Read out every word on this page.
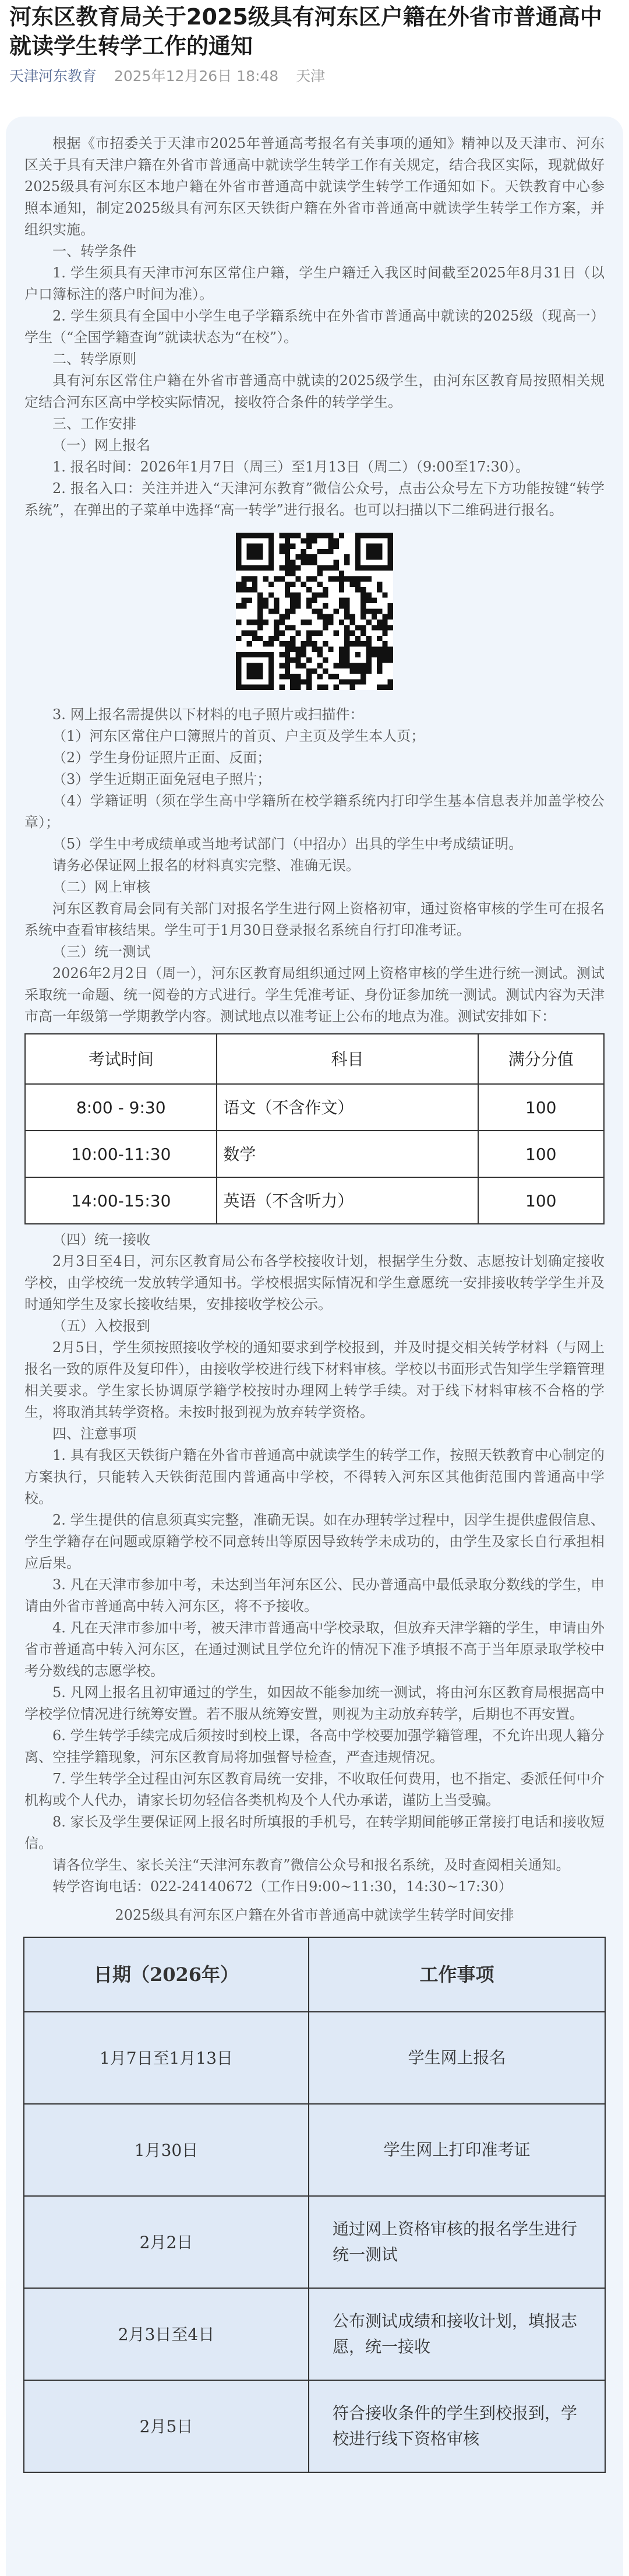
河东区教育局关于2025级具有河东区户籍在外省市普通高中就读学生转学工作的通知
天津河东教育 2025年12月26日 18:48 天津

根据《市招委关于天津市2025年普通高考报名有关事项的通知》精神以及天津市、河东区关于具有天津户籍在外省市普通高中就读学生转学工作有关规定，结合我区实际，现就做好2025级具有河东区本地户籍在外省市普通高中就读学生转学工作通知如下。天铁教育中心参照本通知，制定2025级具有河东区天铁街户籍在外省市普通高中就读学生转学工作方案，并组织实施。

一、转学条件

1. 学生须具有天津市河东区常住户籍，学生户籍迁入我区时间截至2025年8月31日（以户口簿标注的落户时间为准）。

2. 学生须具有全国中小学生电子学籍系统中在外省市普通高中就读的2025级（现高一）学生（“全国学籍查询”就读状态为“在校”）。

二、转学原则

具有河东区常住户籍在外省市普通高中就读的2025级学生，由河东区教育局按照相关规定结合河东区高中学校实际情况，接收符合条件的转学学生。

三、工作安排

（一）网上报名

1. 报名时间：2026年1月7日（周三）至1月13日（周二）（9:00至17:30）。

2. 报名入口：关注并进入“天津河东教育”微信公众号，点击公众号左下方功能按键“转学系统”，在弹出的子菜单中选择“高一转学”进行报名。也可以扫描以下二维码进行报名。

3. 网上报名需提供以下材料的电子照片或扫描件：

（1）河东区常住户口簿照片的首页、户主页及学生本人页；

（2）学生身份证照片正面、反面；

（3）学生近期正面免冠电子照片；

（4）学籍证明（须在学生高中学籍所在校学籍系统内打印学生基本信息表并加盖学校公章）；

（5）学生中考成绩单或当地考试部门（中招办）出具的学生中考成绩证明。

请务必保证网上报名的材料真实完整、准确无误。

（二）网上审核

河东区教育局会同有关部门对报名学生进行网上资格初审，通过资格审核的学生可在报名系统中查看审核结果。学生可于1月30日登录报名系统自行打印准考证。

（三）统一测试

2026年2月2日（周一），河东区教育局组织通过网上资格审核的学生进行统一测试。测试采取统一命题、统一阅卷的方式进行。学生凭准考证、身份证参加统一测试。测试内容为天津市高一年级第一学期教学内容。测试地点以准考证上公布的地点为准。测试安排如下：

考试时间	科目	满分分值
8:00 - 9:30	语文（不含作文）	100
10:00-11:30	数学	100
14:00-15:30	英语（不含听力）	100

（四）统一接收

2月3日至4日，河东区教育局公布各学校接收计划，根据学生分数、志愿按计划确定接收学校，由学校统一发放转学通知书。学校根据实际情况和学生意愿统一安排接收转学学生并及时通知学生及家长接收结果，安排接收学校公示。

（五）入校报到

2月5日，学生须按照接收学校的通知要求到学校报到，并及时提交相关转学材料（与网上报名一致的原件及复印件），由接收学校进行线下材料审核。学校以书面形式告知学生学籍管理相关要求。学生家长协调原学籍学校按时办理网上转学手续。对于线下材料审核不合格的学生，将取消其转学资格。未按时报到视为放弃转学资格。

四、注意事项

1. 具有我区天铁街户籍在外省市普通高中就读学生的转学工作，按照天铁教育中心制定的方案执行，只能转入天铁街范围内普通高中学校，不得转入河东区其他街范围内普通高中学校。

2. 学生提供的信息须真实完整，准确无误。如在办理转学过程中，因学生提供虚假信息、学生学籍存在问题或原籍学校不同意转出等原因导致转学未成功的，由学生及家长自行承担相应后果。

3. 凡在天津市参加中考，未达到当年河东区公、民办普通高中最低录取分数线的学生，申请由外省市普通高中转入河东区，将不予接收。

4. 凡在天津市参加中考，被天津市普通高中学校录取，但放弃天津学籍的学生，申请由外省市普通高中转入河东区，在通过测试且学位允许的情况下准予填报不高于当年原录取学校中考分数线的志愿学校。

5. 凡网上报名且初审通过的学生，如因故不能参加统一测试，将由河东区教育局根据高中学校学位情况进行统筹安置。若不服从统筹安置，则视为主动放弃转学，后期也不再安置。

6. 学生转学手续完成后须按时到校上课，各高中学校要加强学籍管理，不允许出现人籍分离、空挂学籍现象，河东区教育局将加强督导检查，严查违规情况。

7. 学生转学全过程由河东区教育局统一安排，不收取任何费用，也不指定、委派任何中介机构或个人代办，请家长切勿轻信各类机构及个人代办承诺，谨防上当受骗。

8. 家长及学生要保证网上报名时所填报的手机号，在转学期间能够正常接打电话和接收短信。

请各位学生、家长关注“天津河东教育”微信公众号和报名系统，及时查阅相关通知。

转学咨询电话：022-24140672（工作日9:00~11:30，14:30~17:30）

2025级具有河东区户籍在外省市普通高中就读学生转学时间安排

日期（2026年）	工作事项
1月7日至1月13日	学生网上报名
1月30日	学生网上打印准考证
2月2日	通过网上资格审核的报名学生进行统一测试
2月3日至4日	公布测试成绩和接收计划，填报志愿，统一接收
2月5日	符合接收条件的学生到校报到，学校进行线下资格审核
